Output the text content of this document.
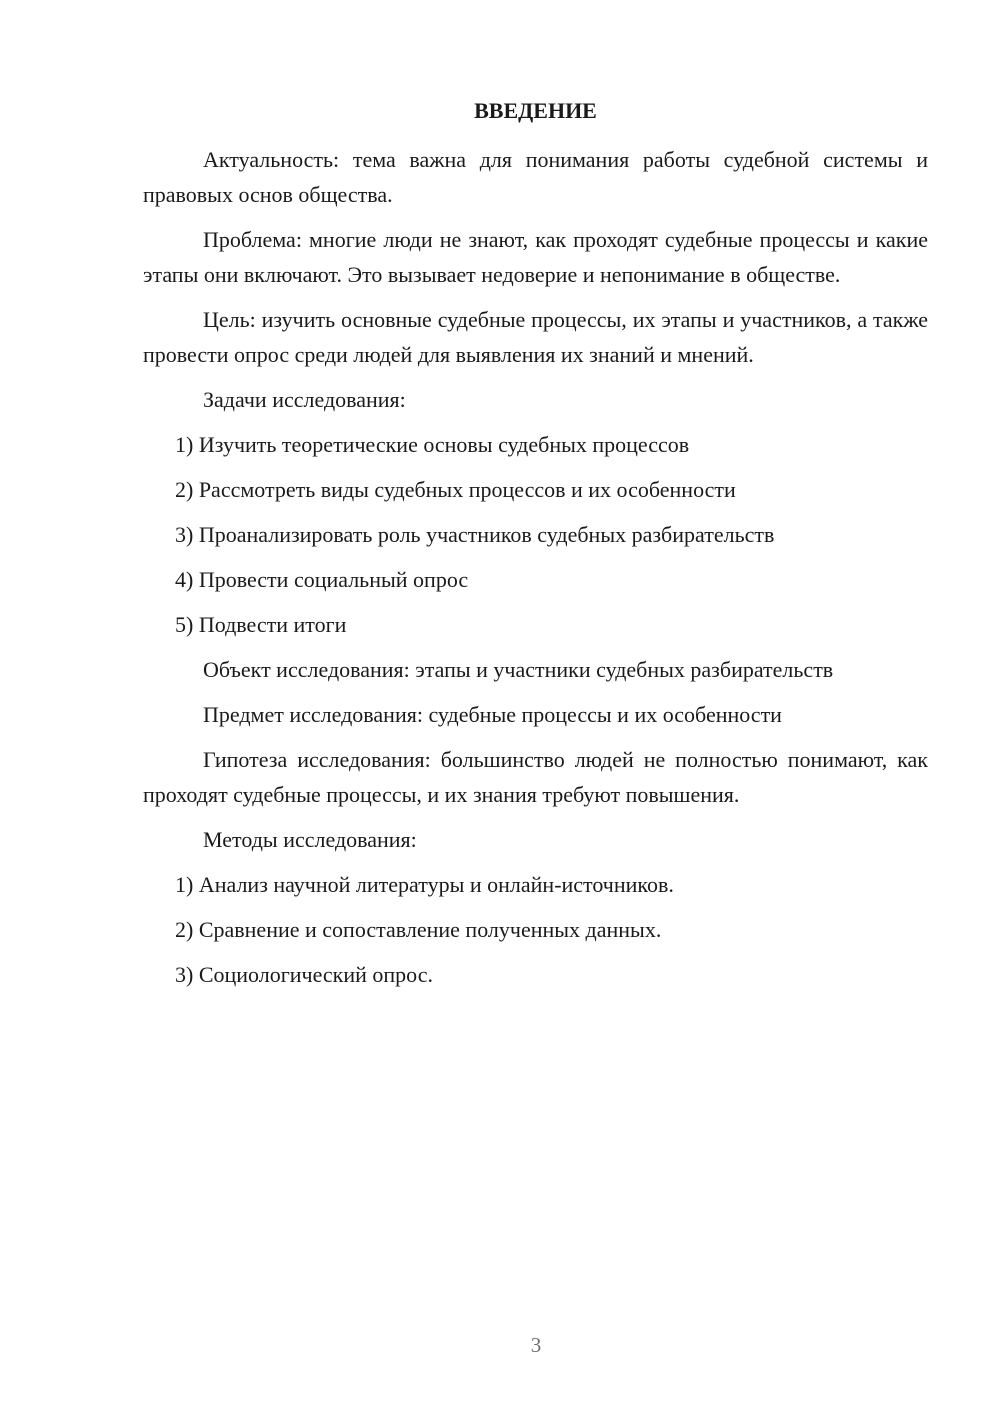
ВВЕДЕНИЕ

Актуальность: тема важна для понимания работы судебной системы и правовых основ общества.

Проблема: многие люди не знают, как проходят судебные процессы и какие этапы они включают. Это вызывает недоверие и непонимание в обществе.

Цель: изучить основные судебные процессы, их этапы и участников, а также провести опрос среди людей для выявления их знаний и мнений.

Задачи исследования:

1) Изучить теоретические основы судебных процессов
2) Рассмотреть виды судебных процессов и их особенности
3) Проанализировать роль участников судебных разбирательств
4) Провести социальный опрос
5) Подвести итоги

Объект исследования: этапы и участники судебных разбирательств

Предмет исследования: судебные процессы и их особенности

Гипотеза исследования: большинство людей не полностью понимают, как проходят судебные процессы, и их знания требуют повышения.

Методы исследования:

1) Анализ научной литературы и онлайн-источников.
2) Сравнение и сопоставление полученных данных.
3) Социологический опрос.
3
